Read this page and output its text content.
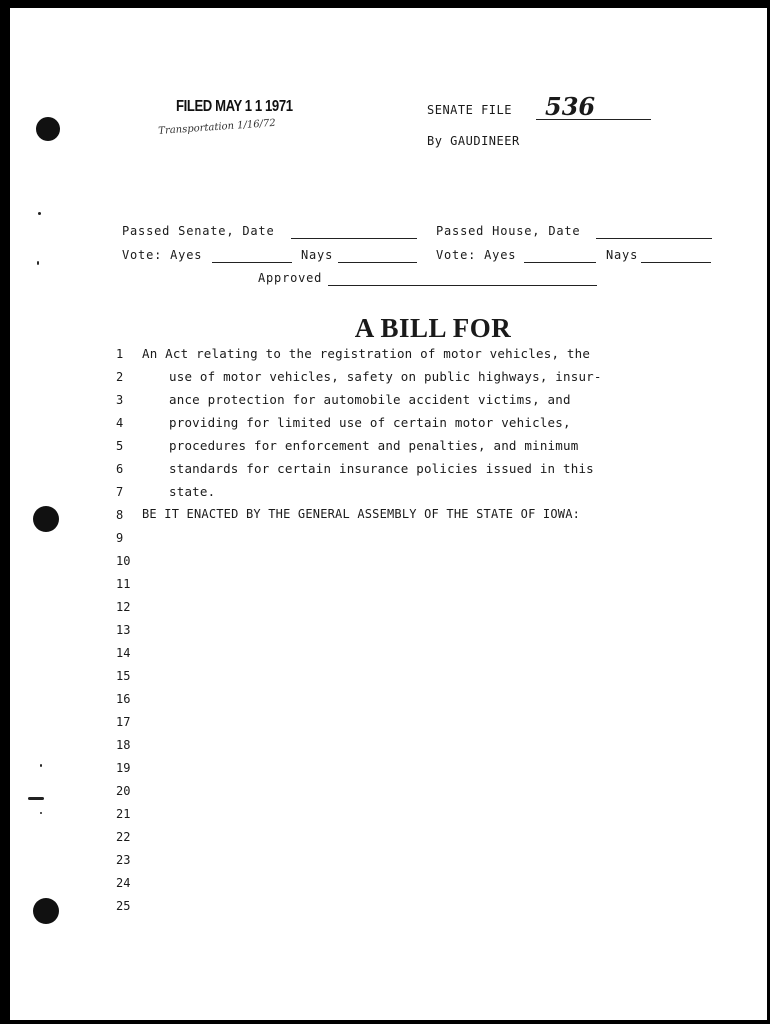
FILED MAY 1 1 1971
Transportation 1/16/72
SENATE FILE 536
By GAUDINEER
Passed Senate, Date	Passed House, Date
Vote: Ayes	Nays	Vote: Ayes	Nays
Approved
A BILL FOR
1	An Act relating to the registration of motor vehicles, the
2	use of motor vehicles, safety on public highways, insur-
3	ance protection for automobile accident victims, and
4	providing for limited use of certain motor vehicles,
5	procedures for enforcement and penalties, and minimum
6	standards for certain insurance policies issued in this
7	state.
8	BE IT ENACTED BY THE GENERAL ASSEMBLY OF THE STATE OF IOWA:
9
10
11
12
13
14
15
16
17
18
19
20
21
22
23
24
25
